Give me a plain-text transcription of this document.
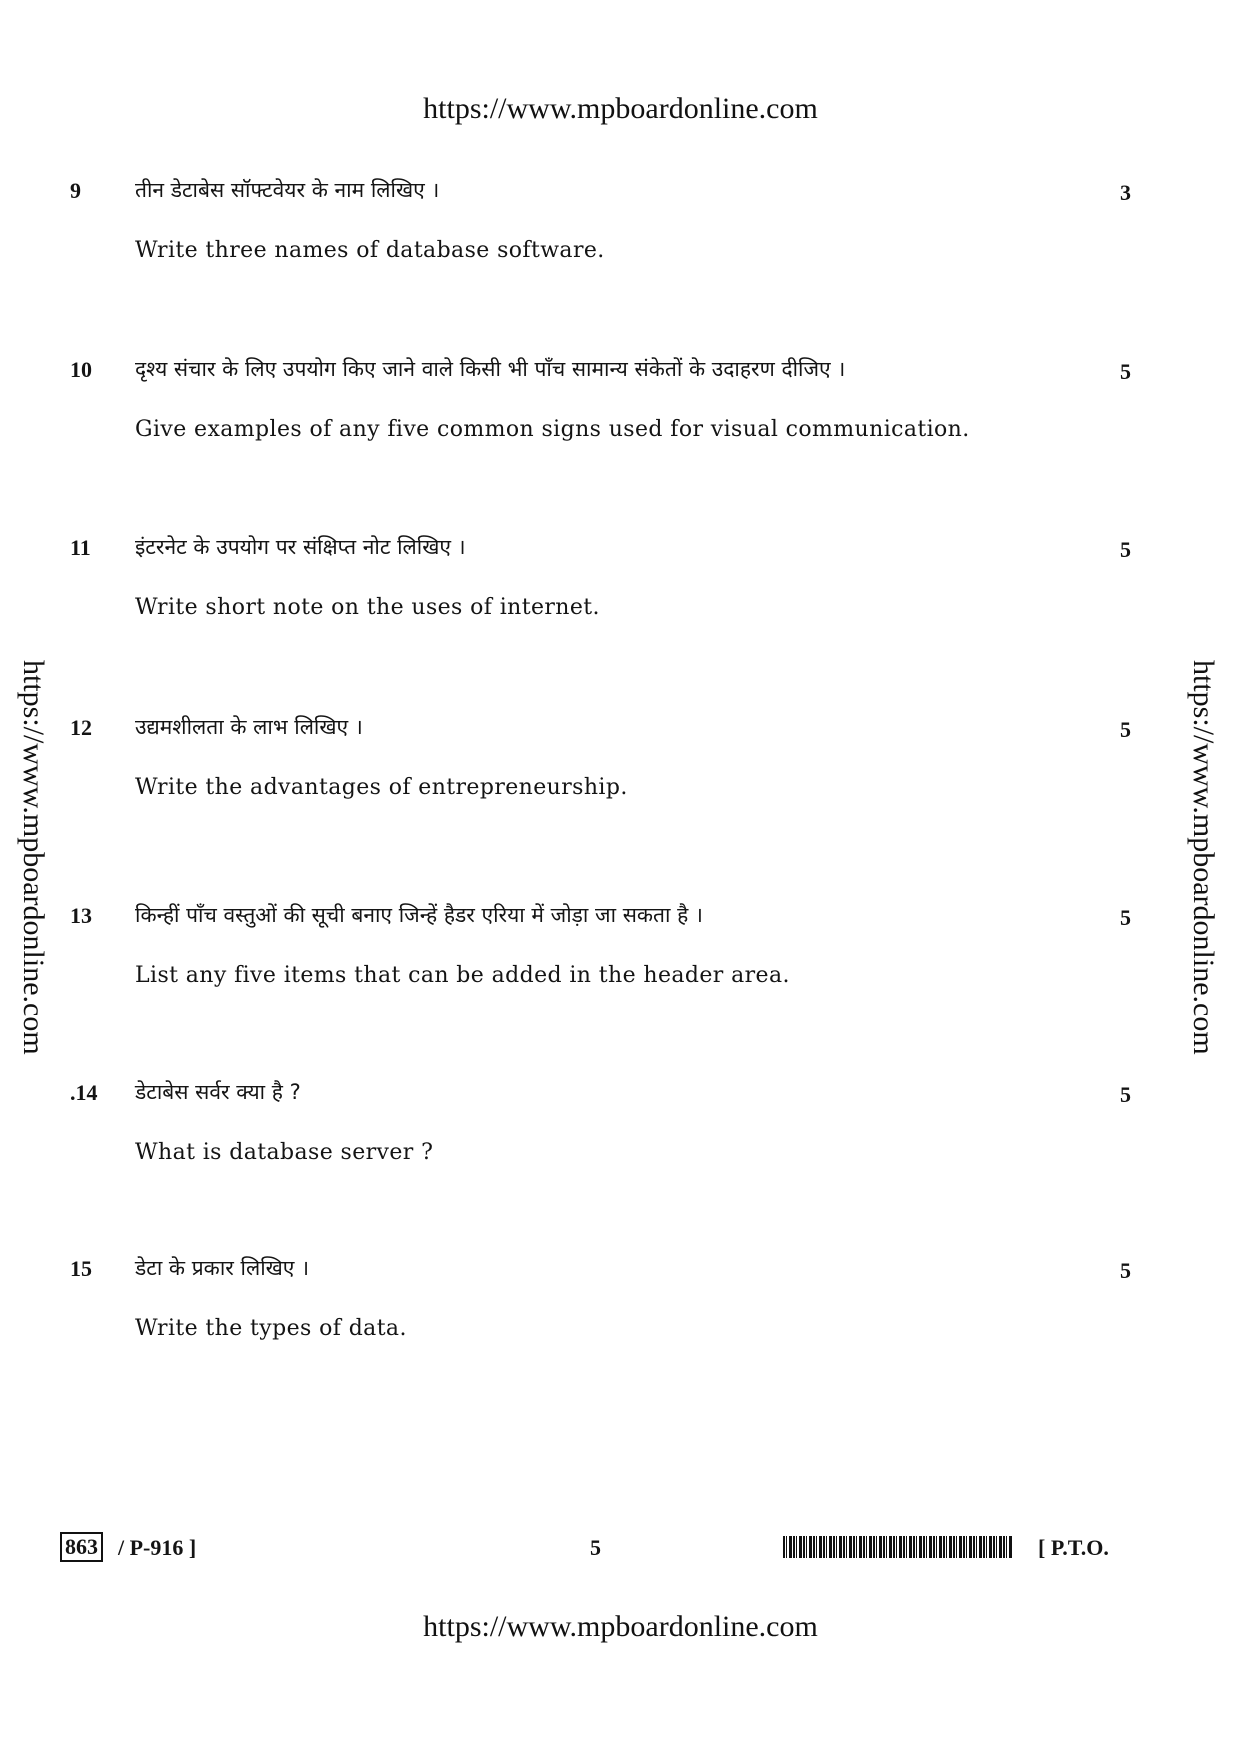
https://www.mpboardonline.com
https://www.mpboardonline.com	https://www.mpboardonline.com
9	तीन डेटाबेस सॉफ्टवेयर के नाम लिखिए ।
Write three names of database software.
3
10	दृश्य संचार के लिए उपयोग किए जाने वाले किसी भी पाँच सामान्य संकेतों के उदाहरण दीजिए ।
Give examples of any five common signs used for visual communication.
5
11	इंटरनेट के उपयोग पर संक्षिप्त नोट लिखिए ।
Write short note on the uses of internet.
5
12	उद्यमशीलता के लाभ लिखिए ।
Write the advantages of entrepreneurship.
5
13	किन्हीं पाँच वस्तुओं की सूची बनाए जिन्हें हैडर एरिया में जोड़ा जा सकता है ।
List any five items that can be added in the header area.
5
.14	डेटाबेस सर्वर क्या है ?
What is database server ?
5
15	डेटा के प्रकार लिखिए ।
Write the types of data.
5
863 / P-916 ]	5	[ P.T.O.
https://www.mpboardonline.com
